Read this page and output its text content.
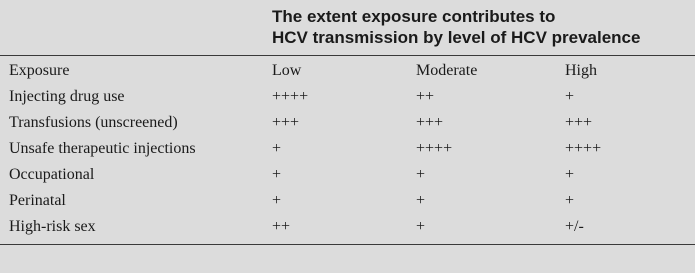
The extent exposure contributes to
HCV transmission by level of HCV prevalence
Exposure	Low	Moderate	High
Injecting drug use	++++	++	+
Transfusions (unscreened)	+++	+++	+++
Unsafe therapeutic injections	+	++++	++++
Occupational	+	+	+
Perinatal	+	+	+
High-risk sex	++	+	+/-
